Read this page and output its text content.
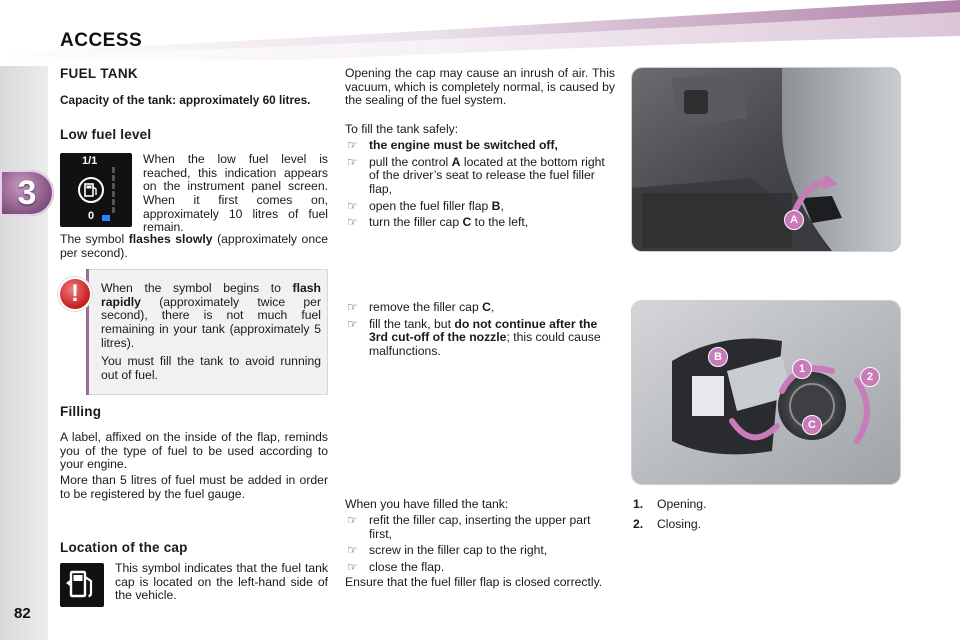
ACCESS
3
82
FUEL TANK

Capacity of the tank: approximately 60 litres.

Low fuel level
1/1
0

When the low fuel level is reached, this indication appears on the instrument panel screen. When it first comes on, approximately 10 litres of fuel remain.

The symbol flashes slowly (approximately once per second).

When the symbol begins to flash rapidly (approximately twice per second), there is not much fuel remaining in your tank (approximately 5 litres).

You must fill the tank to avoid running out of fuel.

!
Filling

A label, affixed on the inside of the flap, reminds you of the type of fuel to be used according to your engine.

More than 5 litres of fuel must be added in order to be registered by the fuel gauge.

Location of the cap

This symbol indicates that the fuel tank cap is located on the left-hand side of the vehicle.

Opening the cap may cause an inrush of air. This vacuum, which is completely normal, is caused by the sealing of the fuel system.

To fill the tank safely:

☞ the engine must be switched off,
☞ pull the control A located at the bottom right of the driver’s seat to release the fuel filler flap,
☞ open the fuel filler flap B,
☞ turn the filler cap C to the left,
☞ remove the filler cap C,
☞ fill the tank, but do not continue after the 3rd cut-off of the nozzle; this could cause malfunctions.

When you have filled the tank:

☞ refit the filler cap, inserting the upper part first,
☞ screw in the filler cap to the right,
☞ close the flap.

Ensure that the fuel filler flap is closed correctly.

A
B
1
2
C
1.	Opening.
2.	Closing.
